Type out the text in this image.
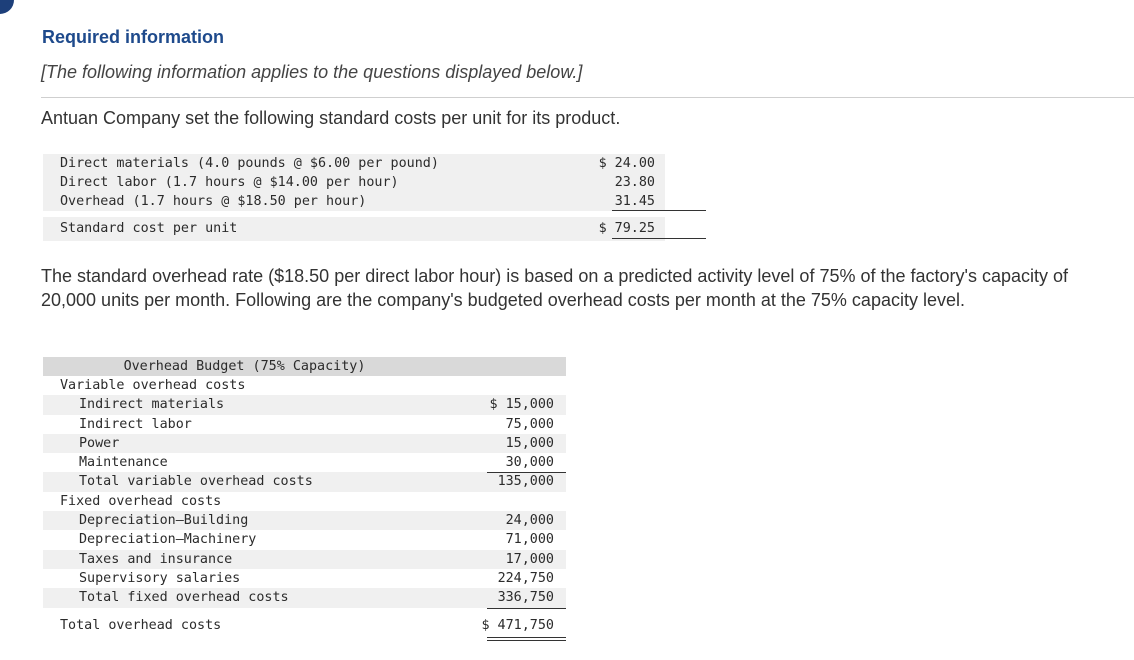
Required information
[The following information applies to the questions displayed below.]
Antuan Company set the following standard costs per unit for its product.
Direct materials (4.0 pounds @ $6.00 per pound)	$ 24.00
Direct labor (1.7 hours @ $14.00 per hour)	23.80
Overhead (1.7 hours @ $18.50 per hour)	31.45
Standard cost per unit	$ 79.25
The standard overhead rate ($18.50 per direct labor hour) is based on a predicted activity level of 75% of the factory's capacity of 20,000 units per month. Following are the company's budgeted overhead costs per month at the 75% capacity level.
Overhead Budget (75% Capacity)
Variable overhead costs
Indirect materials	$ 15,000
Indirect labor	75,000
Power	15,000
Maintenance	30,000
Total variable overhead costs	135,000
Fixed overhead costs
Depreciation—Building	24,000
Depreciation—Machinery	71,000
Taxes and insurance	17,000
Supervisory salaries	224,750
Total fixed overhead costs	336,750
Total overhead costs	$ 471,750
